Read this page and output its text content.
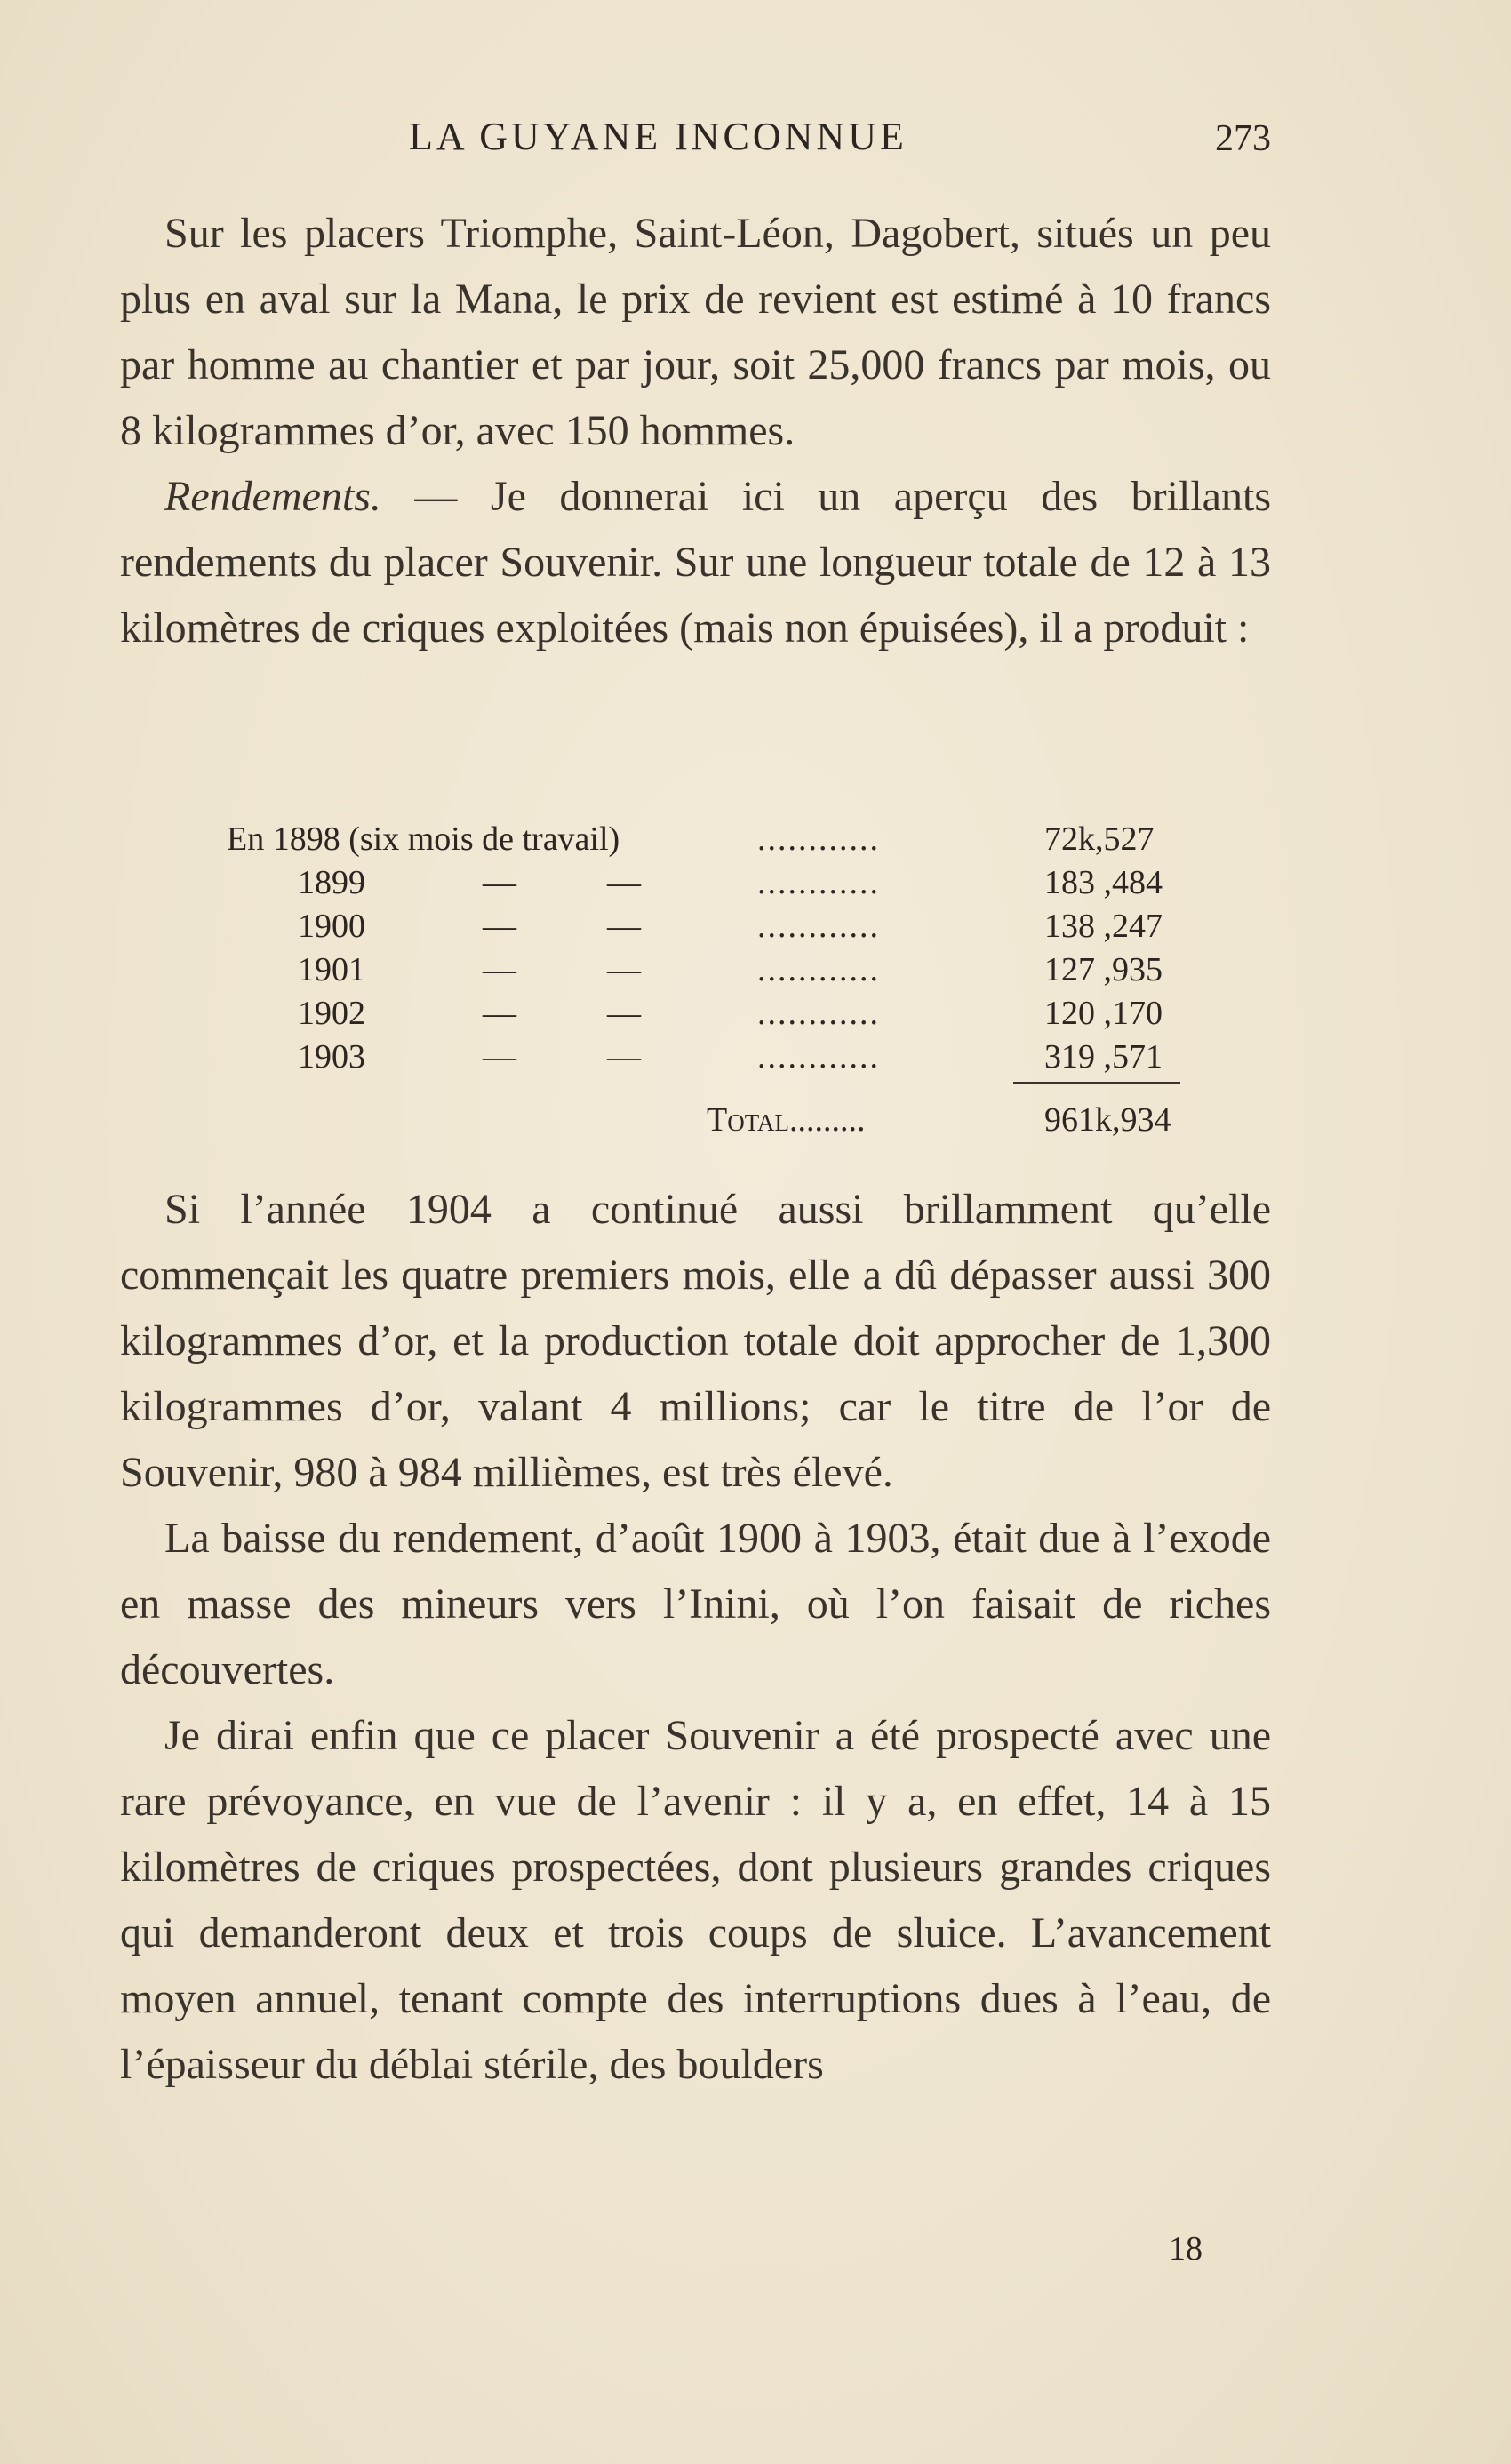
LA GUYANE INCONNUE	273

Sur les placers Triomphe, Saint-Léon, Dagobert, situés un peu plus en aval sur la Mana, le prix de revient est estimé à 10 francs par homme au chantier et par jour, soit 25,000 francs par mois, ou 8 kilogrammes d’or, avec 150 hommes.

Rendements. — Je donnerai ici un aperçu des brillants rendements du placer Souvenir. Sur une longueur totale de 12 à 13 kilomètres de criques exploitées (mais non épuisées), il a produit :

En 1898 (six mois de travail)	............	72k,527
1899	—	—	............	183 ,484
1900	—	—	............	138 ,247
1901	—	—	............	127 ,935
1902	—	—	............	120 ,170
1903	—	—	............	319 ,571
Total.........	961k,934

Si l’année 1904 a continué aussi brillamment qu’elle commençait les quatre premiers mois, elle a dû dépasser aussi 300 kilogrammes d’or, et la production totale doit approcher de 1,300 kilogrammes d’or, valant 4 millions; car le titre de l’or de Souvenir, 980 à 984 millièmes, est très élevé.

La baisse du rendement, d’août 1900 à 1903, était due à l’exode en masse des mineurs vers l’Inini, où l’on faisait de riches découvertes.

Je dirai enfin que ce placer Souvenir a été prospecté avec une rare prévoyance, en vue de l’avenir : il y a, en effet, 14 à 15 kilomètres de criques prospectées, dont plusieurs grandes criques qui demanderont deux et trois coups de sluice. L’avancement moyen annuel, tenant compte des interruptions dues à l’eau, de l’épaisseur du déblai stérile, des boulders

18
